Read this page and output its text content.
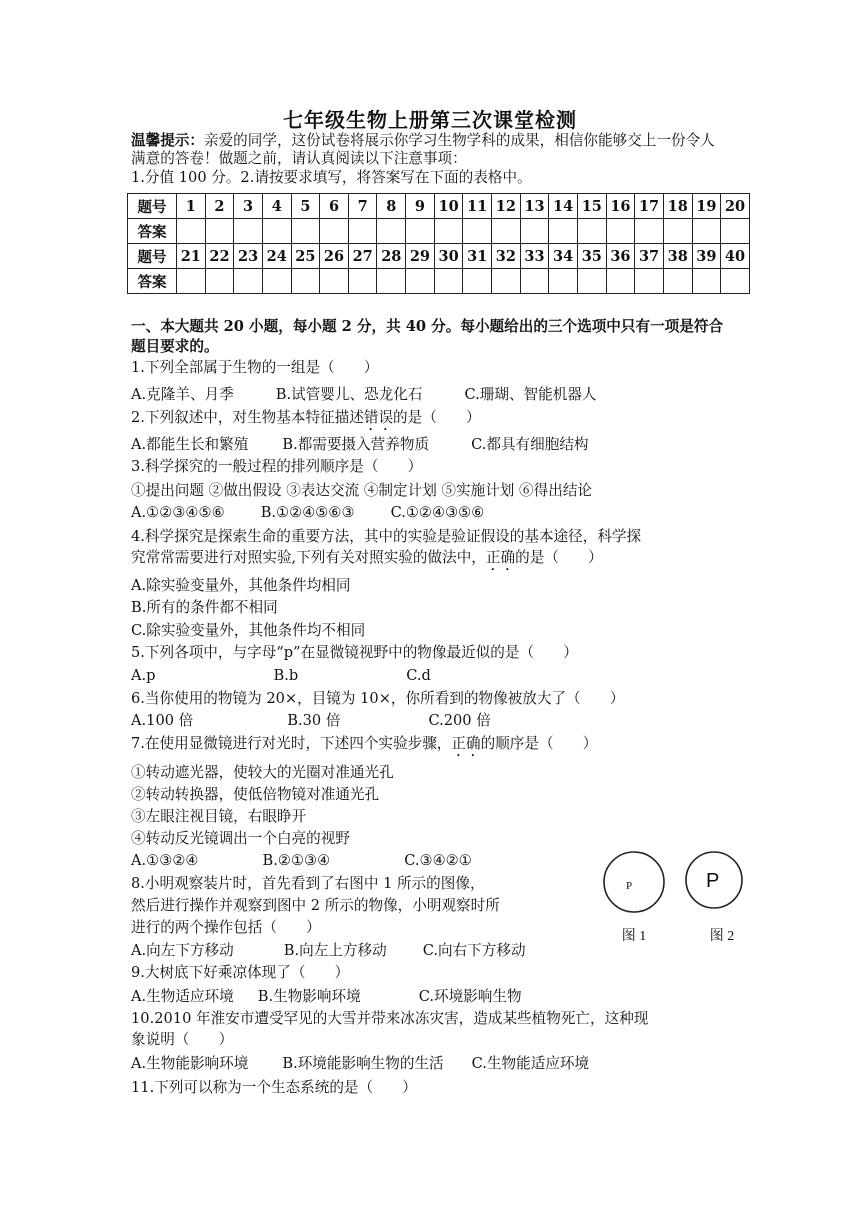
七年级生物上册第三次课堂检测
温馨提示：亲爱的同学，这份试卷将展示你学习生物学科的成果，相信你能够交上一份令人
满意的答卷！做题之前，请认真阅读以下注意事项：
1.分值 100 分。2.请按要求填写，将答案写在下面的表格中。
题号	1	2	3	4	5	6	7	8	9	10	11	12	13	14	15	16	17	18	19	20
答案																				
题号	21	22	23	24	25	26	27	28	29	30	31	32	33	34	35	36	37	38	39	40
答案																				
一、本大题共 20 小题，每小题 2 分，共 40 分。每小题给出的三个选项中只有一项是符合
题目要求的。
1.下列全部属于生物的一组是（　　）
A.克隆羊、月季	B.试管婴儿、恐龙化石	C.珊瑚、智能机器人
2.下列叙述中，对生物基本特征描述错误的是（　　）
A.都能生长和繁殖 B.都需要摄入营养物质	C.都具有细胞结构
3.科学探究的一般过程的排列顺序是（　　）
①提出问题 ②做出假设 ③表达交流 ④制定计划 ⑤实施计划 ⑥得出结论
A.①②③④⑤⑥ B.①②④⑤⑥③ C.①②④③⑤⑥
4.科学探究是探索生命的重要方法，其中的实验是验证假设的基本途径，科学探
究常常需要进行对照实验,下列有关对照实验的做法中，正确的是（　　）
A.除实验变量外，其他条件均相同
B.所有的条件都不相同
C.除实验变量外，其他条件均不相同
5.下列各项中，与字母“p”在显微镜视野中的物像最近似的是（　　）
A.p	B.b	C.d
6.当你使用的物镜为 20×，目镜为 10×，你所看到的物像被放大了（　　）
A.100 倍	B.30 倍	C.200 倍
7.在使用显微镜进行对光时，下述四个实验步骤，正确的顺序是（　　）
①转动遮光器，使较大的光圈对准通光孔
②转动转换器，使低倍物镜对准通光孔
③左眼注视目镜，右眼睁开
④转动反光镜调出一个白亮的视野
A.①③②④	B.②①③④	C.③④②①
8.小明观察装片时，首先看到了右图中 1 所示的图像，
然后进行操作并观察到图中 2 所示的物像，小明观察时所
进行的两个操作包括（　　）
A.向左下方移动	B.向左上方移动 C.向右下方移动
P	P
图 1	图 2
9.大树底下好乘凉体现了（　　）
A.生物适应环境 B.生物影响环境	C.环境影响生物
10.2010 年淮安市遭受罕见的大雪并带来冰冻灾害，造成某些植物死亡，这种现
象说明（　　）
A.生物能影响环境 B.环境能影响生物的生活 C.生物能适应环境
11.下列可以称为一个生态系统的是（　　）
